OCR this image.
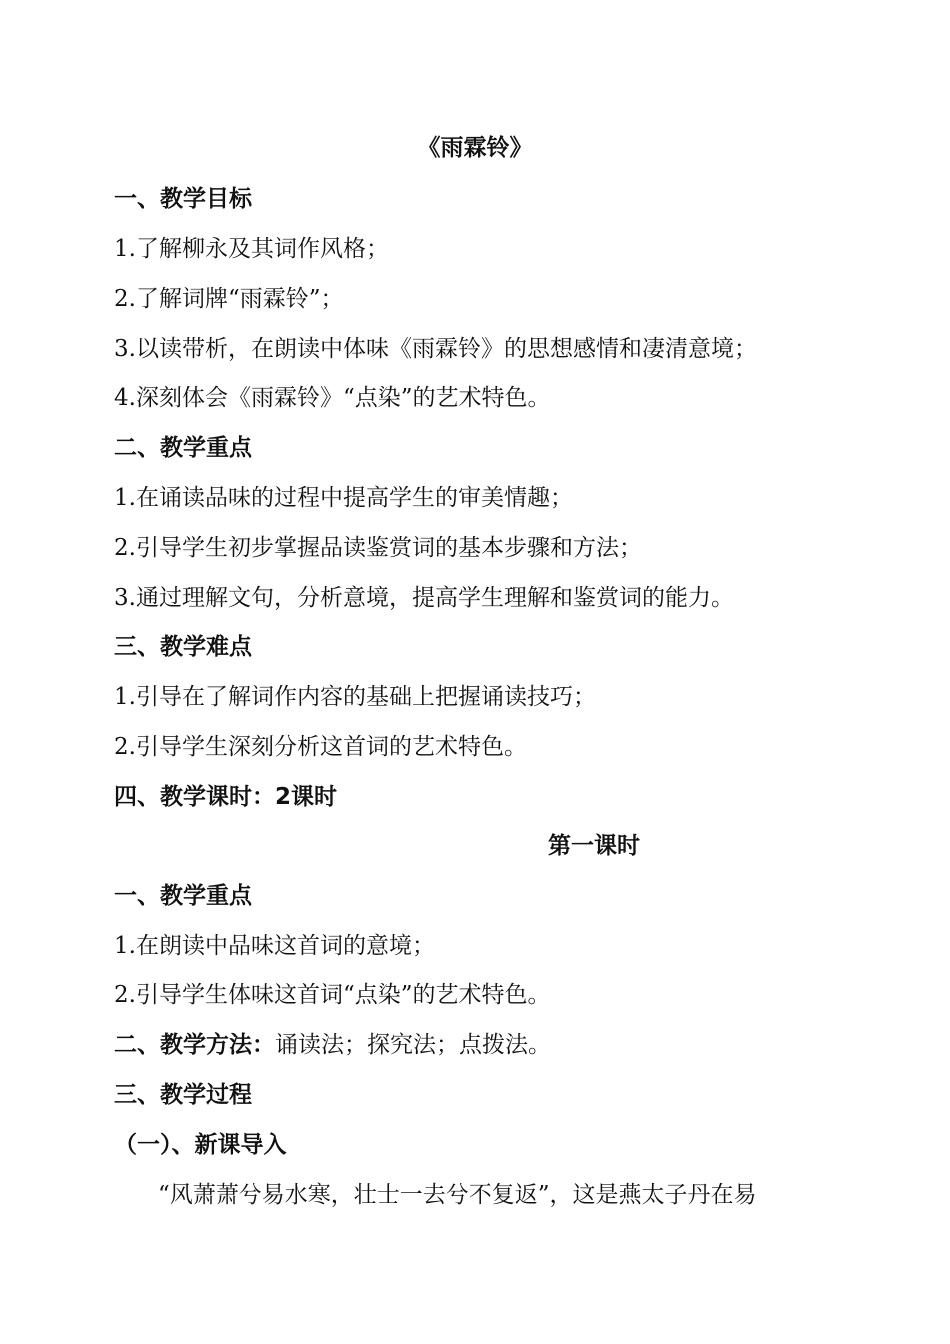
《雨霖铃》
一、教学目标
1.了解柳永及其词作风格；
2.了解词牌“雨霖铃”；
3.以读带析，在朗读中体味《雨霖铃》的思想感情和凄清意境；
4.深刻体会《雨霖铃》“点染”的艺术特色。
二、教学重点
1.在诵读品味的过程中提高学生的审美情趣；
2.引导学生初步掌握品读鉴赏词的基本步骤和方法；
3.通过理解文句，分析意境，提高学生理解和鉴赏词的能力。
三、教学难点
1.引导在了解词作内容的基础上把握诵读技巧；
2.引导学生深刻分析这首词的艺术特色。
四、教学课时：2课时
第一课时
一、教学重点
1.在朗读中品味这首词的意境；
2.引导学生体味这首词“点染”的艺术特色。
二、教学方法：诵读法；探究法；点拨法。
三、教学过程
（一）、新课导入
“风萧萧兮易水寒，壮士一去兮不复返”，这是燕太子丹在易
